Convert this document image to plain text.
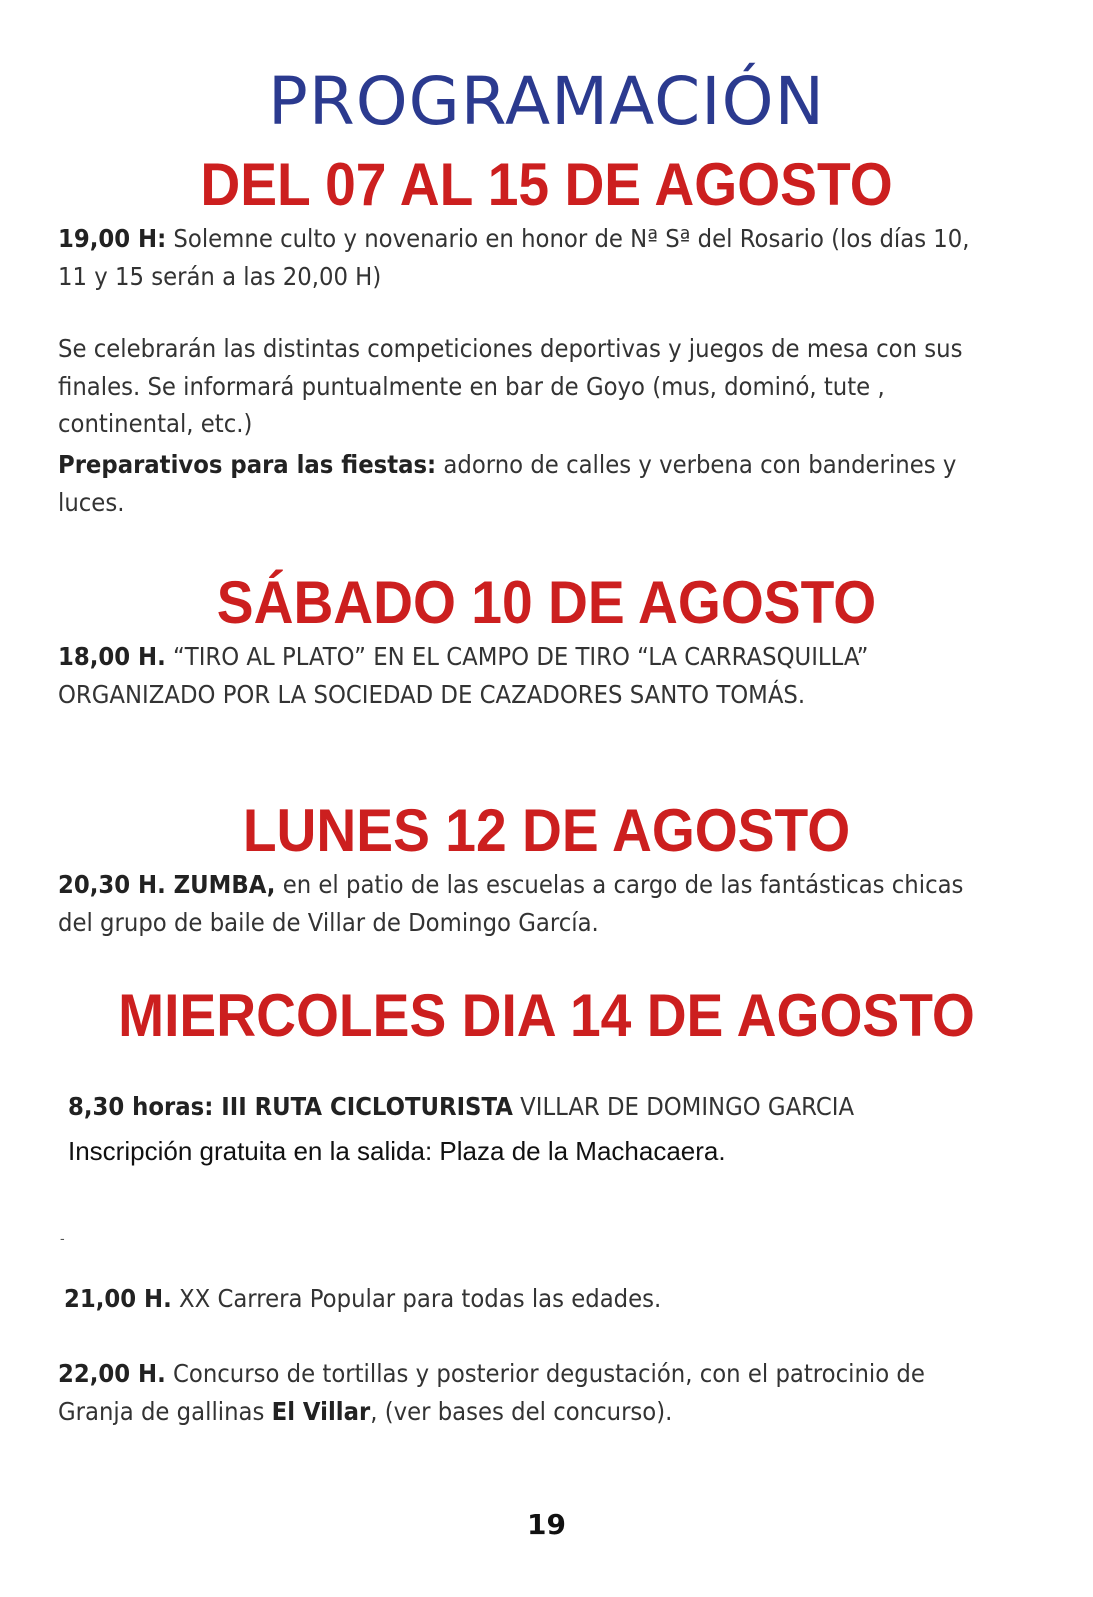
PROGRAMACIÓN
DEL 07 AL 15 DE AGOSTO
19,00 H: Solemne culto y novenario en honor de Nª Sª del Rosario (los días 10, 11 y 15 serán a las 20,00 H)
Se celebrarán las distintas competiciones deportivas y juegos de mesa con sus finales. Se informará puntualmente en bar de Goyo (mus, dominó, tute , continental, etc.)
Preparativos para las fiestas: adorno de calles y verbena con banderines y luces.
SÁBADO 10 DE AGOSTO
18,00 H. “TIRO AL PLATO” EN EL CAMPO DE TIRO “LA CARRASQUILLA” ORGANIZADO POR LA SOCIEDAD DE CAZADORES SANTO TOMÁS.
LUNES 12 DE AGOSTO
20,30 H. ZUMBA, en el patio de las escuelas a cargo de las fantásticas chicas del grupo de baile de Villar de Domingo García.
MIERCOLES DIA 14 DE AGOSTO
8,30 horas: III RUTA CICLOTURISTA VILLAR DE DOMINGO GARCIA
Inscripción gratuita en la salida: Plaza de la Machacaera.
-
21,00 H. XX Carrera Popular para todas las edades.
22,00 H. Concurso de tortillas y posterior degustación, con el patrocinio de Granja de gallinas El Villar, (ver bases del concurso).
19
